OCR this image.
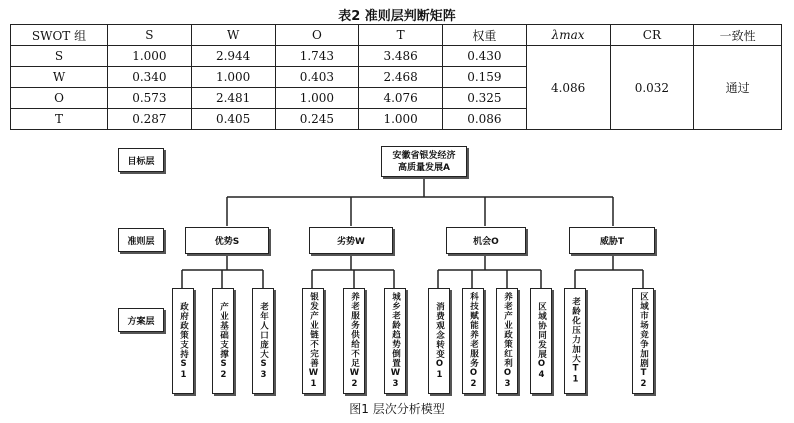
表2 准则层判断矩阵
SWOT 组	S	W	O	T	权重	λmax	CR	一致性
S	1.000	2.944	1.743	3.486	0.430	4.086	0.032	通过
W	0.340	1.000	0.403	2.468	0.159			
O	0.573	2.481	1.000	4.076	0.325			
T	0.287	0.405	0.245	1.000	0.086			
目标层
准则层
方案层
安徽省银发经济高质量发展A
优势S	劣势W	机会O	威胁T
政府政策支持S1	产业基础支撑S2	老年人口庞大S3	银发产业链不完善W1	养老服务供给不足W2	城乡老龄趋势倒置W3	消费观念转变O1	科技赋能养老服务O2	养老产业政策红利O3	区域协同发展O4	老龄化压力加大T1	区域市场竞争加剧T2
图1 层次分析模型
